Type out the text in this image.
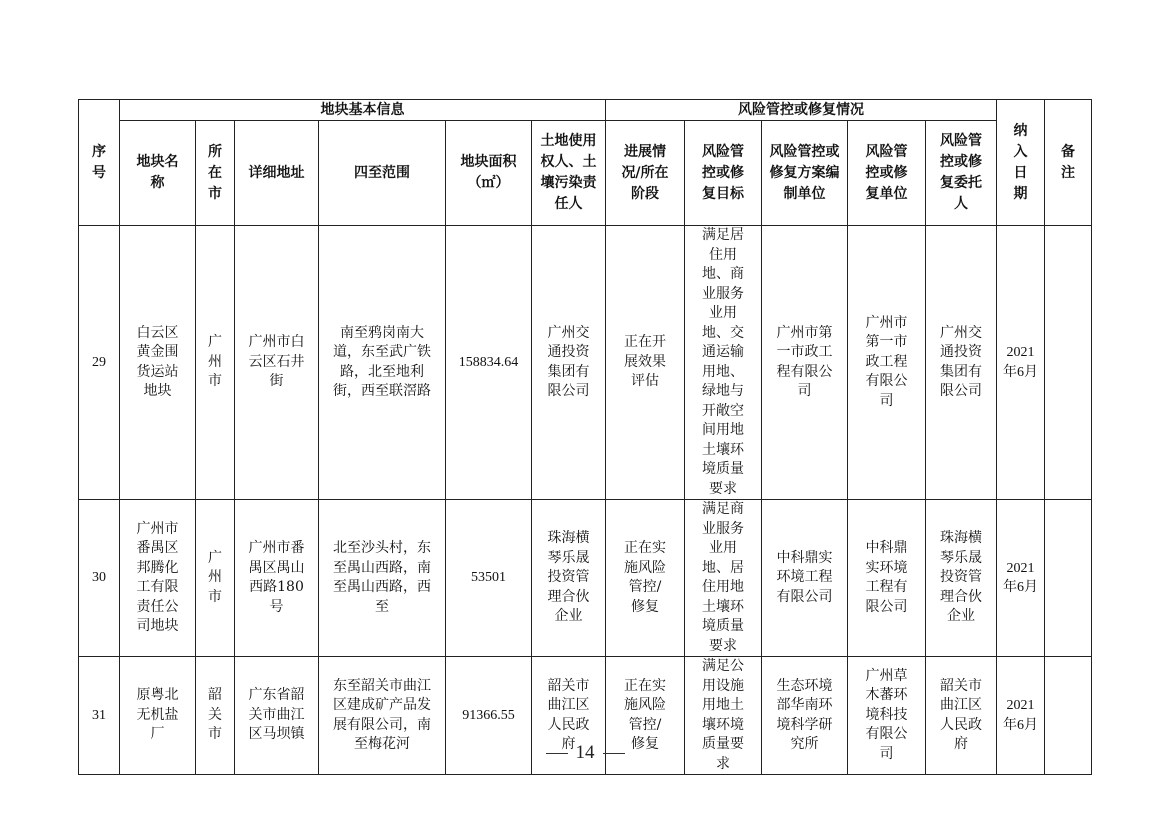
序号	地块基本信息						风险管控或修复情况					纳入日期	备注
	地块名称	所在市	详细地址	四至范围	地块面积（㎡）	土地使用权人、土壤污染责任人	进展情况/所在阶段	风险管控或修复目标	风险管控或修复方案编制单位	风险管控或修复单位	风险管控或修复委托人		
29	白云区黄金围货运站地块	广州市	广州市白云区石井街	南至鸦岗南大道，东至武广铁路，北至地利街，西至联滘路	158834.64	广州交通投资集团有限公司	正在开展效果评估	满足居住用地、商业服务业用地、交通运输用地、绿地与开敞空间用地土壤环境质量要求	广州市第一市政工程有限公司	广州市第一市政工程有限公司	广州交通投资集团有限公司	2021年6月	
30	广州市番禺区邦腾化工有限责任公司地块	广州市	广州市番禺区禺山西路180号	北至沙头村，东至禺山西路，南至禺山西路，西至	53501	珠海横琴乐晟投资管理合伙企业	正在实施风险管控/修复	满足商业服务业用地、居住用地土壤环境质量要求	中科鼎实环境工程有限公司	中科鼎实环境工程有限公司	珠海横琴乐晟投资管理合伙企业	2021年6月	
31	原粤北无机盐厂	韶关市	广东省韶关市曲江区马坝镇	东至韶关市曲江区建成矿产品发展有限公司，南至梅花河	91366.55	韶关市曲江区人民政府	正在实施风险管控/修复	满足公用设施用地土壤环境质量要求	生态环境部华南环境科学研究所	广州草木蕃环境科技有限公司	韶关市曲江区人民政府	2021年6月	
14
